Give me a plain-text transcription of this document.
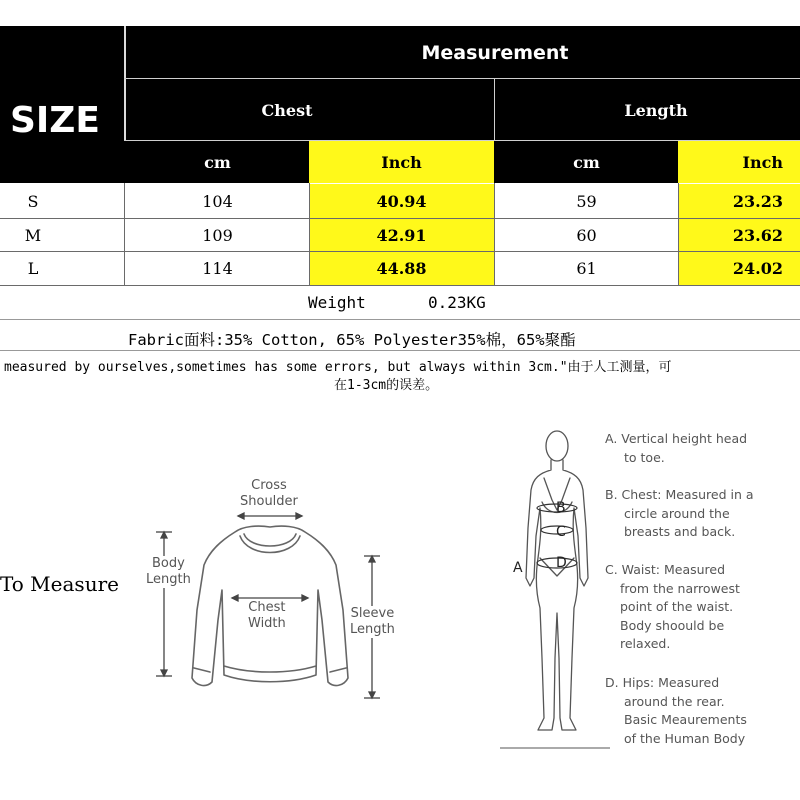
SIZE
Measurement
Chest	Length
cm	Inch	cm	Inch
S	104	40.94	59	23.23
M	109	42.91	60	23.62
L	114	44.88	61	24.02
Weight	0.23KG
Fabric面料:35% Cotton, 65% Polyester35%棉，65%聚酯
measured by ourselves,sometimes has some errors, but always within 3cm."由于人工测量，可
在1-3cm的误差。
To Measure
Cross
Shoulder
Body
Length
Chest
Width
Sleeve
Length
A
B
C
D
A. Vertical height head
to toe.
B. Chest: Measured in a
circle around the
breasts and back.
C. Waist: Measured
from the narrowest
point of the waist.
Body shoould be
relaxed.
D. Hips: Measured
around the rear.
Basic Meaurements
of the Human Body
